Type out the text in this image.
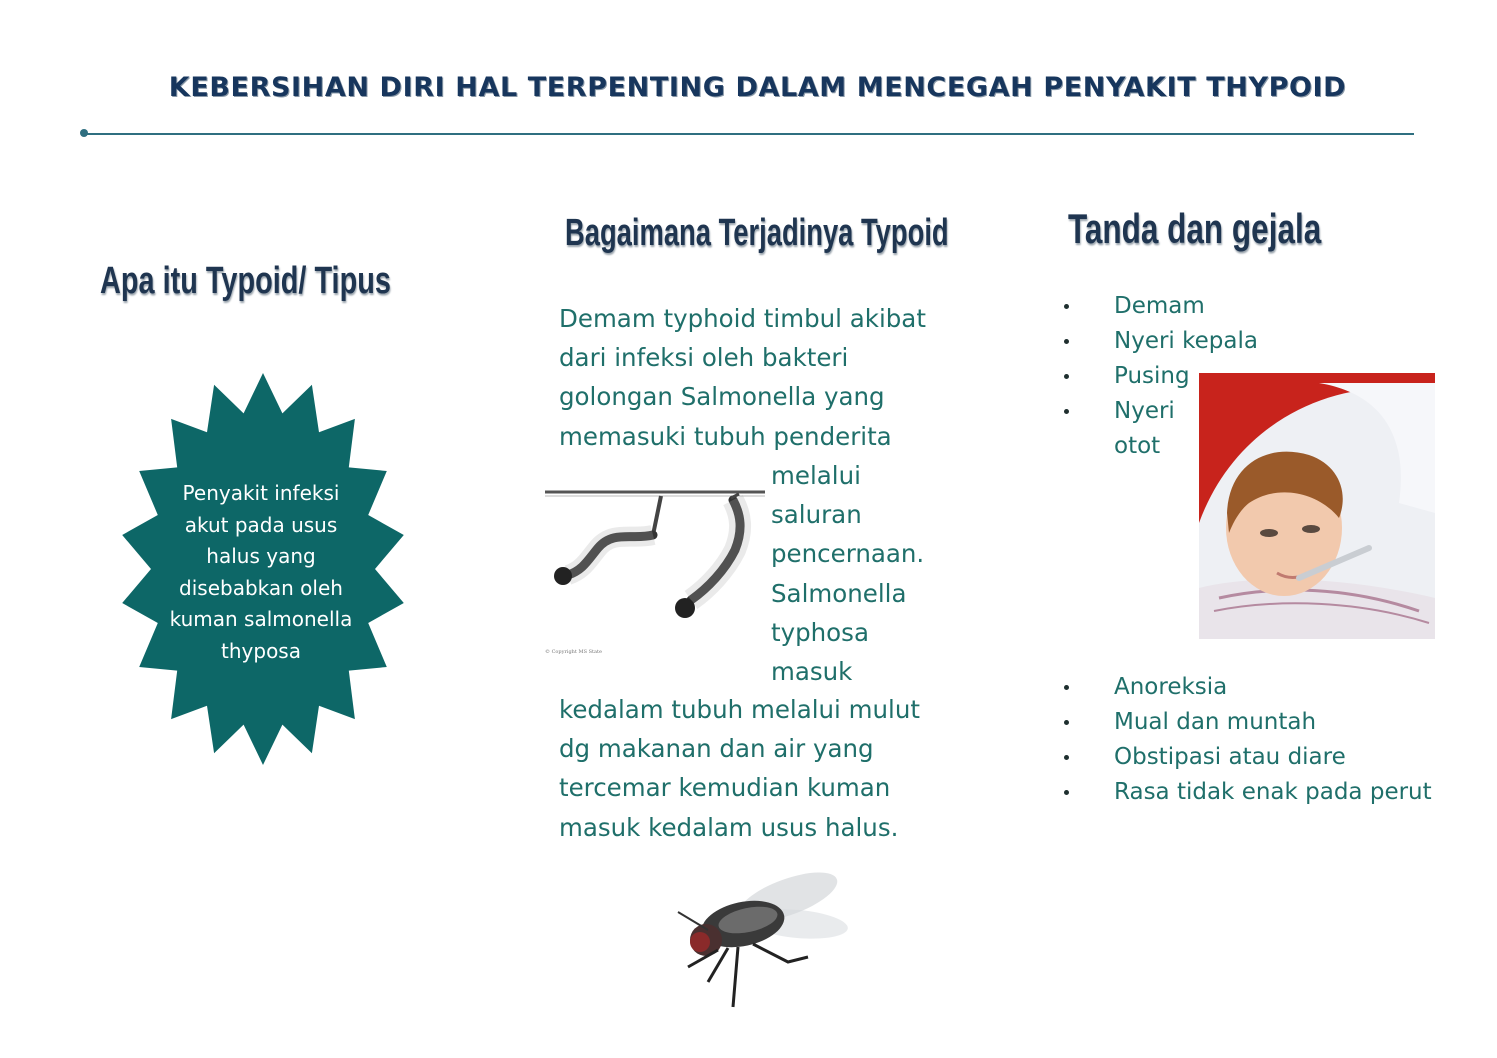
KEBERSIHAN DIRI HAL TERPENTING DALAM MENCEGAH PENYAKIT THYPOID
Apa itu Typoid/ Tipus
Penyakit infeksi
akut pada usus
halus yang
disebabkan oleh
kuman salmonella
thyposa
Bagaimana Terjadinya Typoid
Demam typhoid timbul akibat
dari infeksi oleh bakteri
golongan Salmonella yang
memasuki tubuh penderita
© Copyright MS State
melalui
saluran
pencernaan.
Salmonella
typhosa
masuk
kedalam tubuh melalui mulut
dg makanan dan air yang
tercemar kemudian kuman
masuk kedalam usus halus.
Tanda dan gejala
Demam
Nyeri kepala
Pusing
Nyeri
otot
Anoreksia
Mual dan muntah
Obstipasi atau diare
Rasa tidak enak pada perut
